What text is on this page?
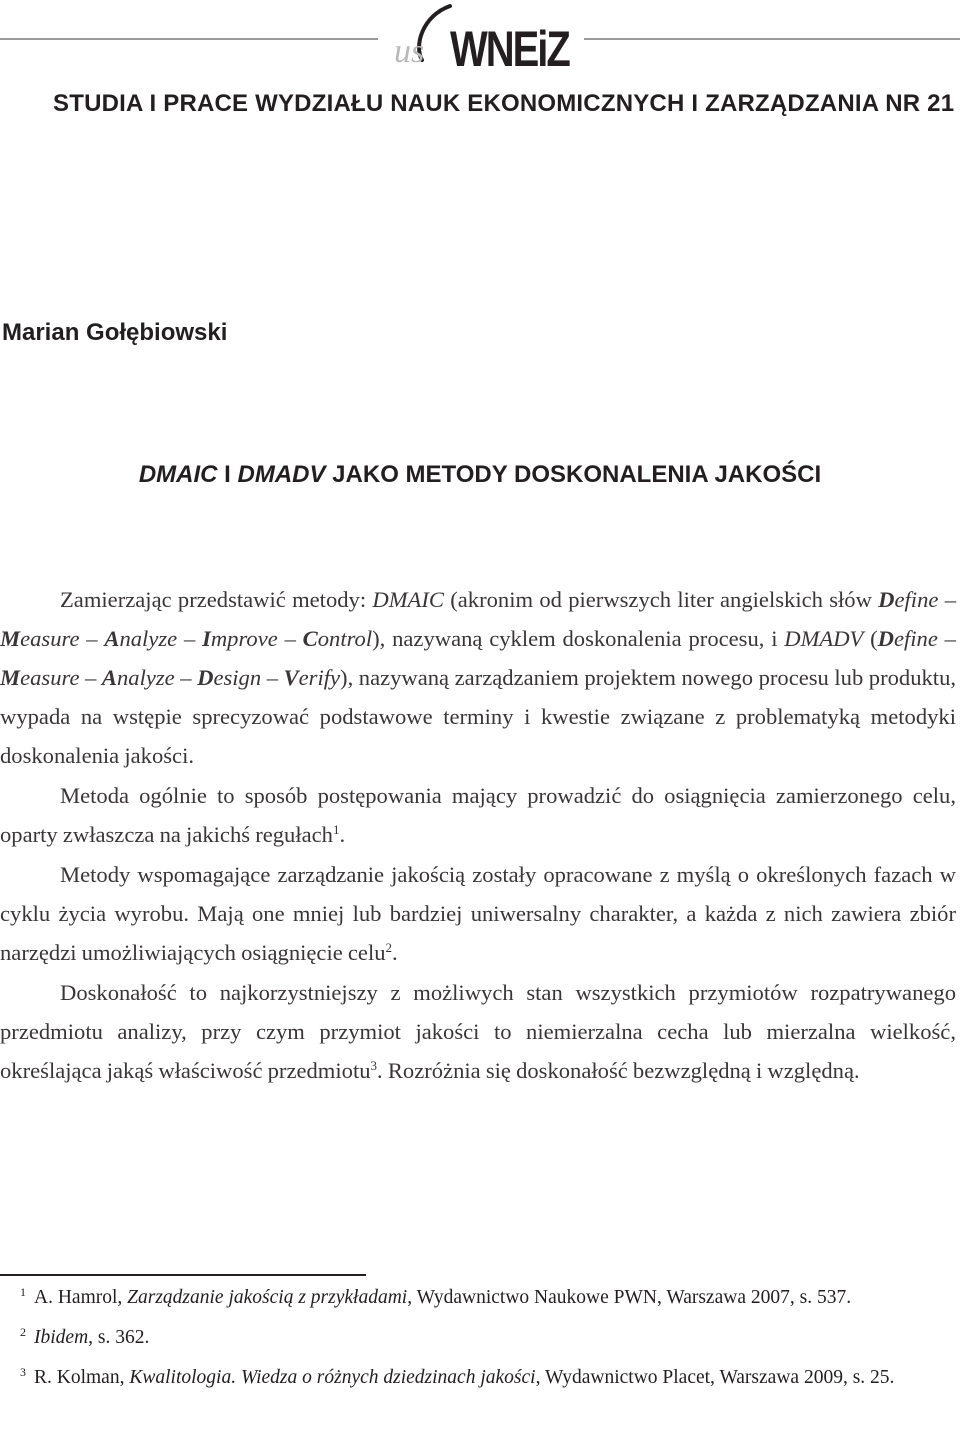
us WNEiZ
STUDIA I PRACE WYDZIAŁU NAUK EKONOMICZNYCH I ZARZĄDZANIA NR 21
Marian Gołębiowski
DMAIC I DMADV JAKO METODY DOSKONALENIA JAKOŚCI

Zamierzając przedstawić metody: DMAIC (akronim od pierwszych liter angielskich słów Define – Measure – Analyze – Improve – Control), nazywaną cyklem doskonalenia procesu, i DMADV (Define – Measure – Analyze – Design – Verify), nazywaną zarządzaniem projektem nowego procesu lub produktu, wypada na wstępie sprecyzować podstawowe terminy i kwestie związane z problematyką metodyki doskonalenia jakości.

Metoda ogólnie to sposób postępowania mający prowadzić do osiągnięcia zamierzonego celu, oparty zwłaszcza na jakichś regułach$^1$.

Metody wspomagające zarządzanie jakością zostały opracowane z myślą o określonych fazach w cyklu życia wyrobu. Mają one mniej lub bardziej uniwersalny charakter, a każda z nich zawiera zbiór narzędzi umożliwiających osiągnięcie celu$^2$.

Doskonałość to najkorzystniejszy z możliwych stan wszystkich przymiotów rozpatrywanego przedmiotu analizy, przy czym przymiot jakości to niemierzalna cecha lub mierzalna wielkość, określająca jakąś właściwość przedmiotu$^3$. Rozróżnia się doskonałość bezwzględną i względną.

$^1$ A. Hamrol, Zarządzanie jakością z przykładami, Wydawnictwo Naukowe PWN, Warszawa 2007, s. 537.

$^2$ Ibidem, s. 362.

$^3$ R. Kolman, Kwalitologia. Wiedza o różnych dziedzinach jakości, Wydawnictwo Placet, Warszawa 2009, s. 25.
